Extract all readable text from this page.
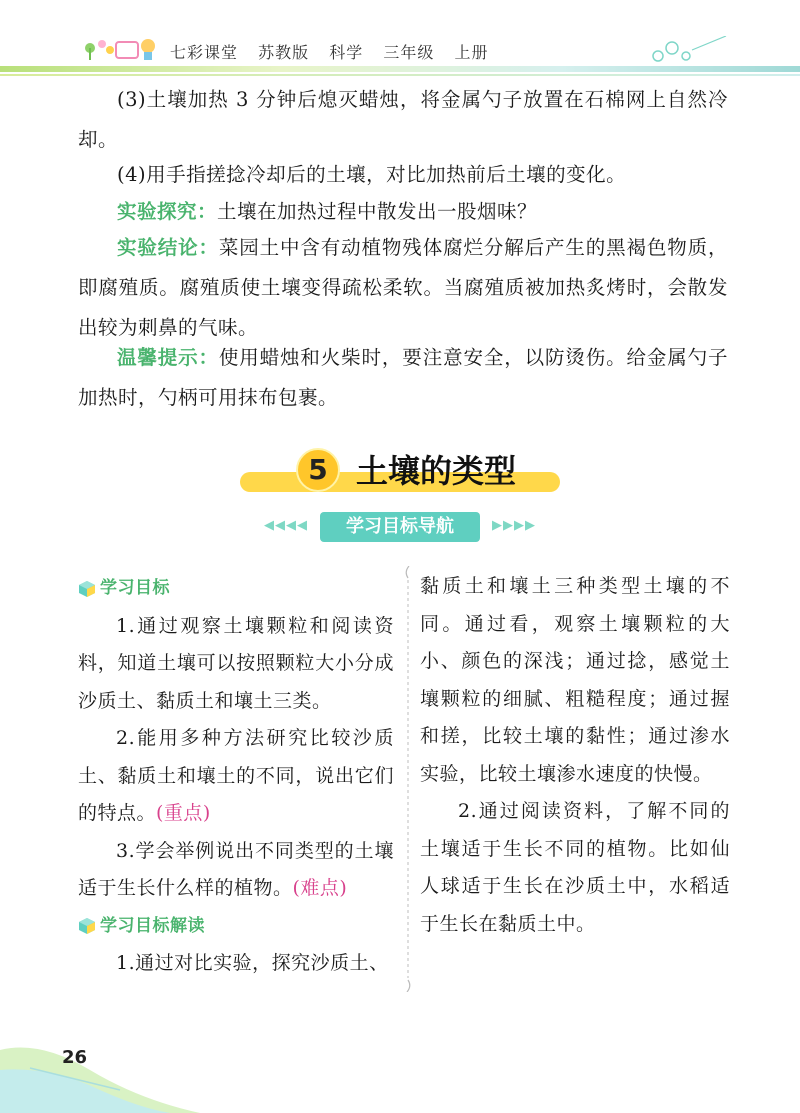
七彩课堂 苏教版 科学 三年级 上册
(3)土壤加热 3 分钟后熄灭蜡烛，将金属勺子放置在石棉网上自然冷却。
(4)用手指搓捻冷却后的土壤，对比加热前后土壤的变化。
实验探究：土壤在加热过程中散发出一股烟味？
实验结论：菜园土中含有动植物残体腐烂分解后产生的黑褐色物质，即腐殖质。腐殖质使土壤变得疏松柔软。当腐殖质被加热炙烤时，会散发出较为刺鼻的气味。
温馨提示：使用蜡烛和火柴时，要注意安全，以防烫伤。给金属勺子加热时，勺柄可用抹布包裹。
5 土壤的类型
◀◀◀◀	学习目标导航	▶▶▶▶
学习目标

1.通过观察土壤颗粒和阅读资料，知道土壤可以按照颗粒大小分成沙质土、黏质土和壤土三类。

2.能用多种方法研究比较沙质土、黏质土和壤土的不同，说出它们的特点。(重点)

3.学会举例说出不同类型的土壤适于生长什么样的植物。(难点)

学习目标解读

1.通过对比实验，探究沙质土、

黏质土和壤土三种类型土壤的不同。通过看，观察土壤颗粒的大小、颜色的深浅；通过捻，感觉土壤颗粒的细腻、粗糙程度；通过握和搓，比较土壤的黏性；通过渗水实验，比较土壤渗水速度的快慢。

2.通过阅读资料，了解不同的土壤适于生长不同的植物。比如仙人球适于生长在沙质土中，水稻适于生长在黏质土中。

26
